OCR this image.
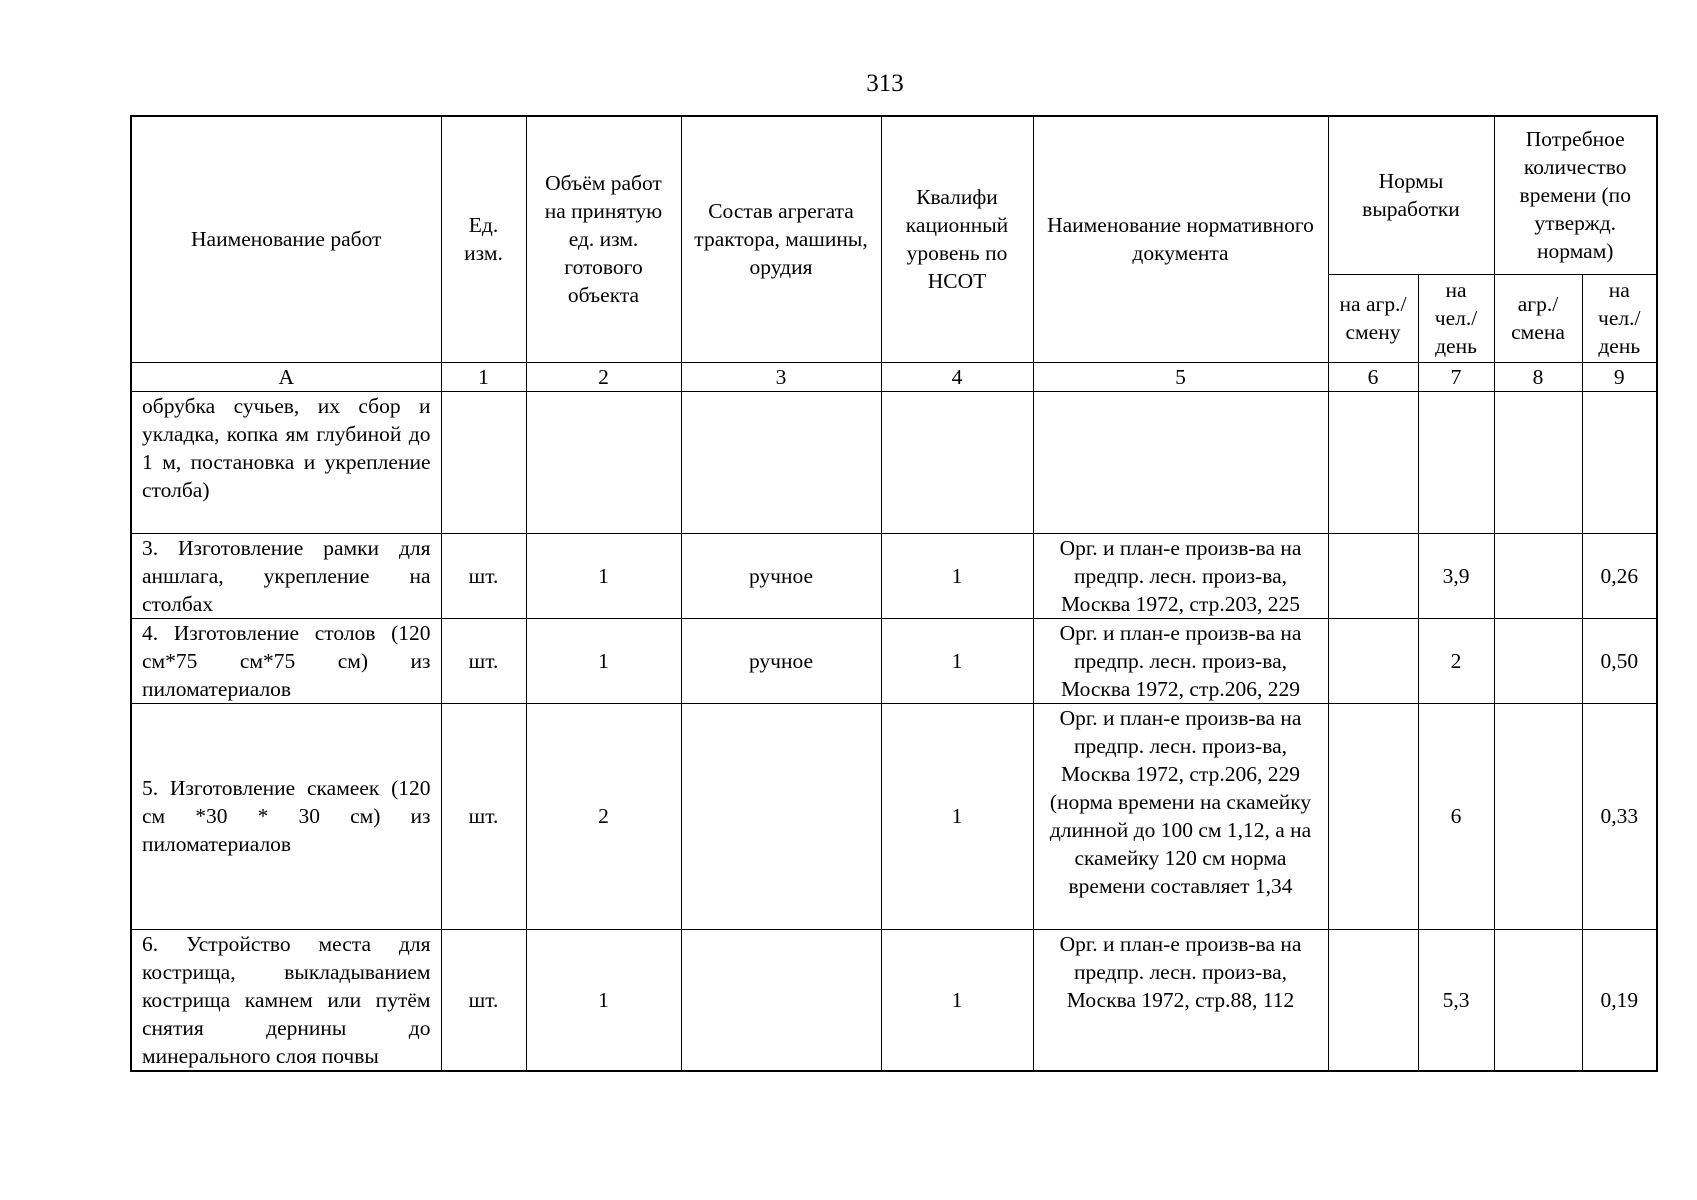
313
Наименование работ	Ед. изм.	Объём работ на принятую ед. изм. готового объекта	Состав агрегата трактора, машины, орудия	Квалифи кационный уровень по НСОТ	Наименование нормативного документа	Нормы выработки		Потребное количество времени (по утвержд. нормам)	
						на агр./ смену	на чел./ день	агр./ смена	на чел./ день
А	1	2	3	4	5	6	7	8	9
обрубка сучьев, их сбор и укладка, копка ям глубиной до 1 м, постановка и укрепление столба)									
3. Изготовление рамки для аншлага, укрепление на столбах	шт.	1	ручное	1	Орг. и план-е произв-ва на предпр. лесн. произ-ва, Москва 1972, стр.203, 225		3,9		0,26
4. Изготовление столов (120 см*75 см*75 см) из пиломатериалов	шт.	1	ручное	1	Орг. и план-е произв-ва на предпр. лесн. произ-ва, Москва 1972, стр.206, 229		2		0,50
5. Изготовление скамеек (120 см *30 * 30 см) из пиломатериалов	шт.	2		1	Орг. и план-е произв-ва на предпр. лесн. произ-ва, Москва 1972, стр.206, 229 (норма времени на скамейку длинной до 100 см 1,12, а на скамейку 120 см норма времени составляет 1,34		6		0,33
6. Устройство места для кострища, выкладыванием кострища камнем или путём снятия дернины до минерального слоя почвы	шт.	1		1	Орг. и план-е произв-ва на предпр. лесн. произ-ва, Москва 1972, стр.88, 112		5,3		0,19
